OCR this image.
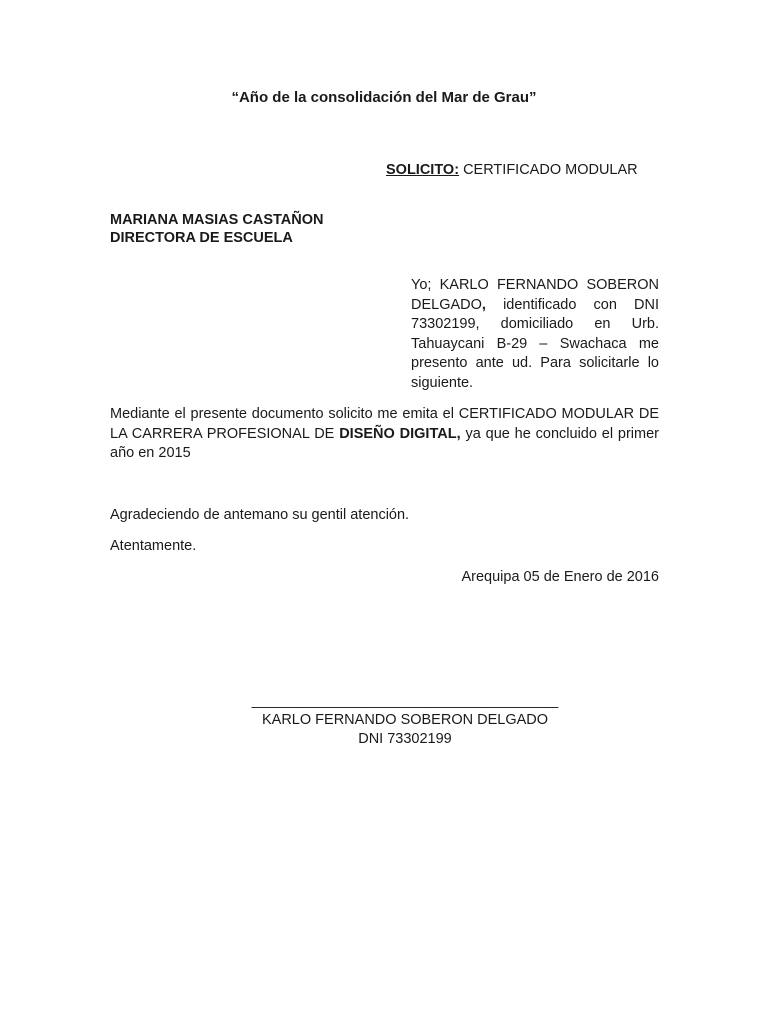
“Año de la consolidación del Mar de Grau”
SOLICITO: CERTIFICADO MODULAR
MARIANA MASIAS CASTAÑON
DIRECTORA DE ESCUELA
Yo; KARLO FERNANDO SOBERON DELGADO, identificado con DNI 73302199, domiciliado en Urb. Tahuaycani B-29 – Swachaca me presento ante ud. Para solicitarle lo siguiente.
Mediante el presente documento solicito me emita el CERTIFICADO MODULAR DE LA CARRERA PROFESIONAL DE DISEÑO DIGITAL, ya que he concluido el primer año en 2015
Agradeciendo de antemano su gentil atención.
Atentamente.
Arequipa 05 de Enero de 2016
______________________________________
KARLO FERNANDO SOBERON DELGADO
DNI 73302199
